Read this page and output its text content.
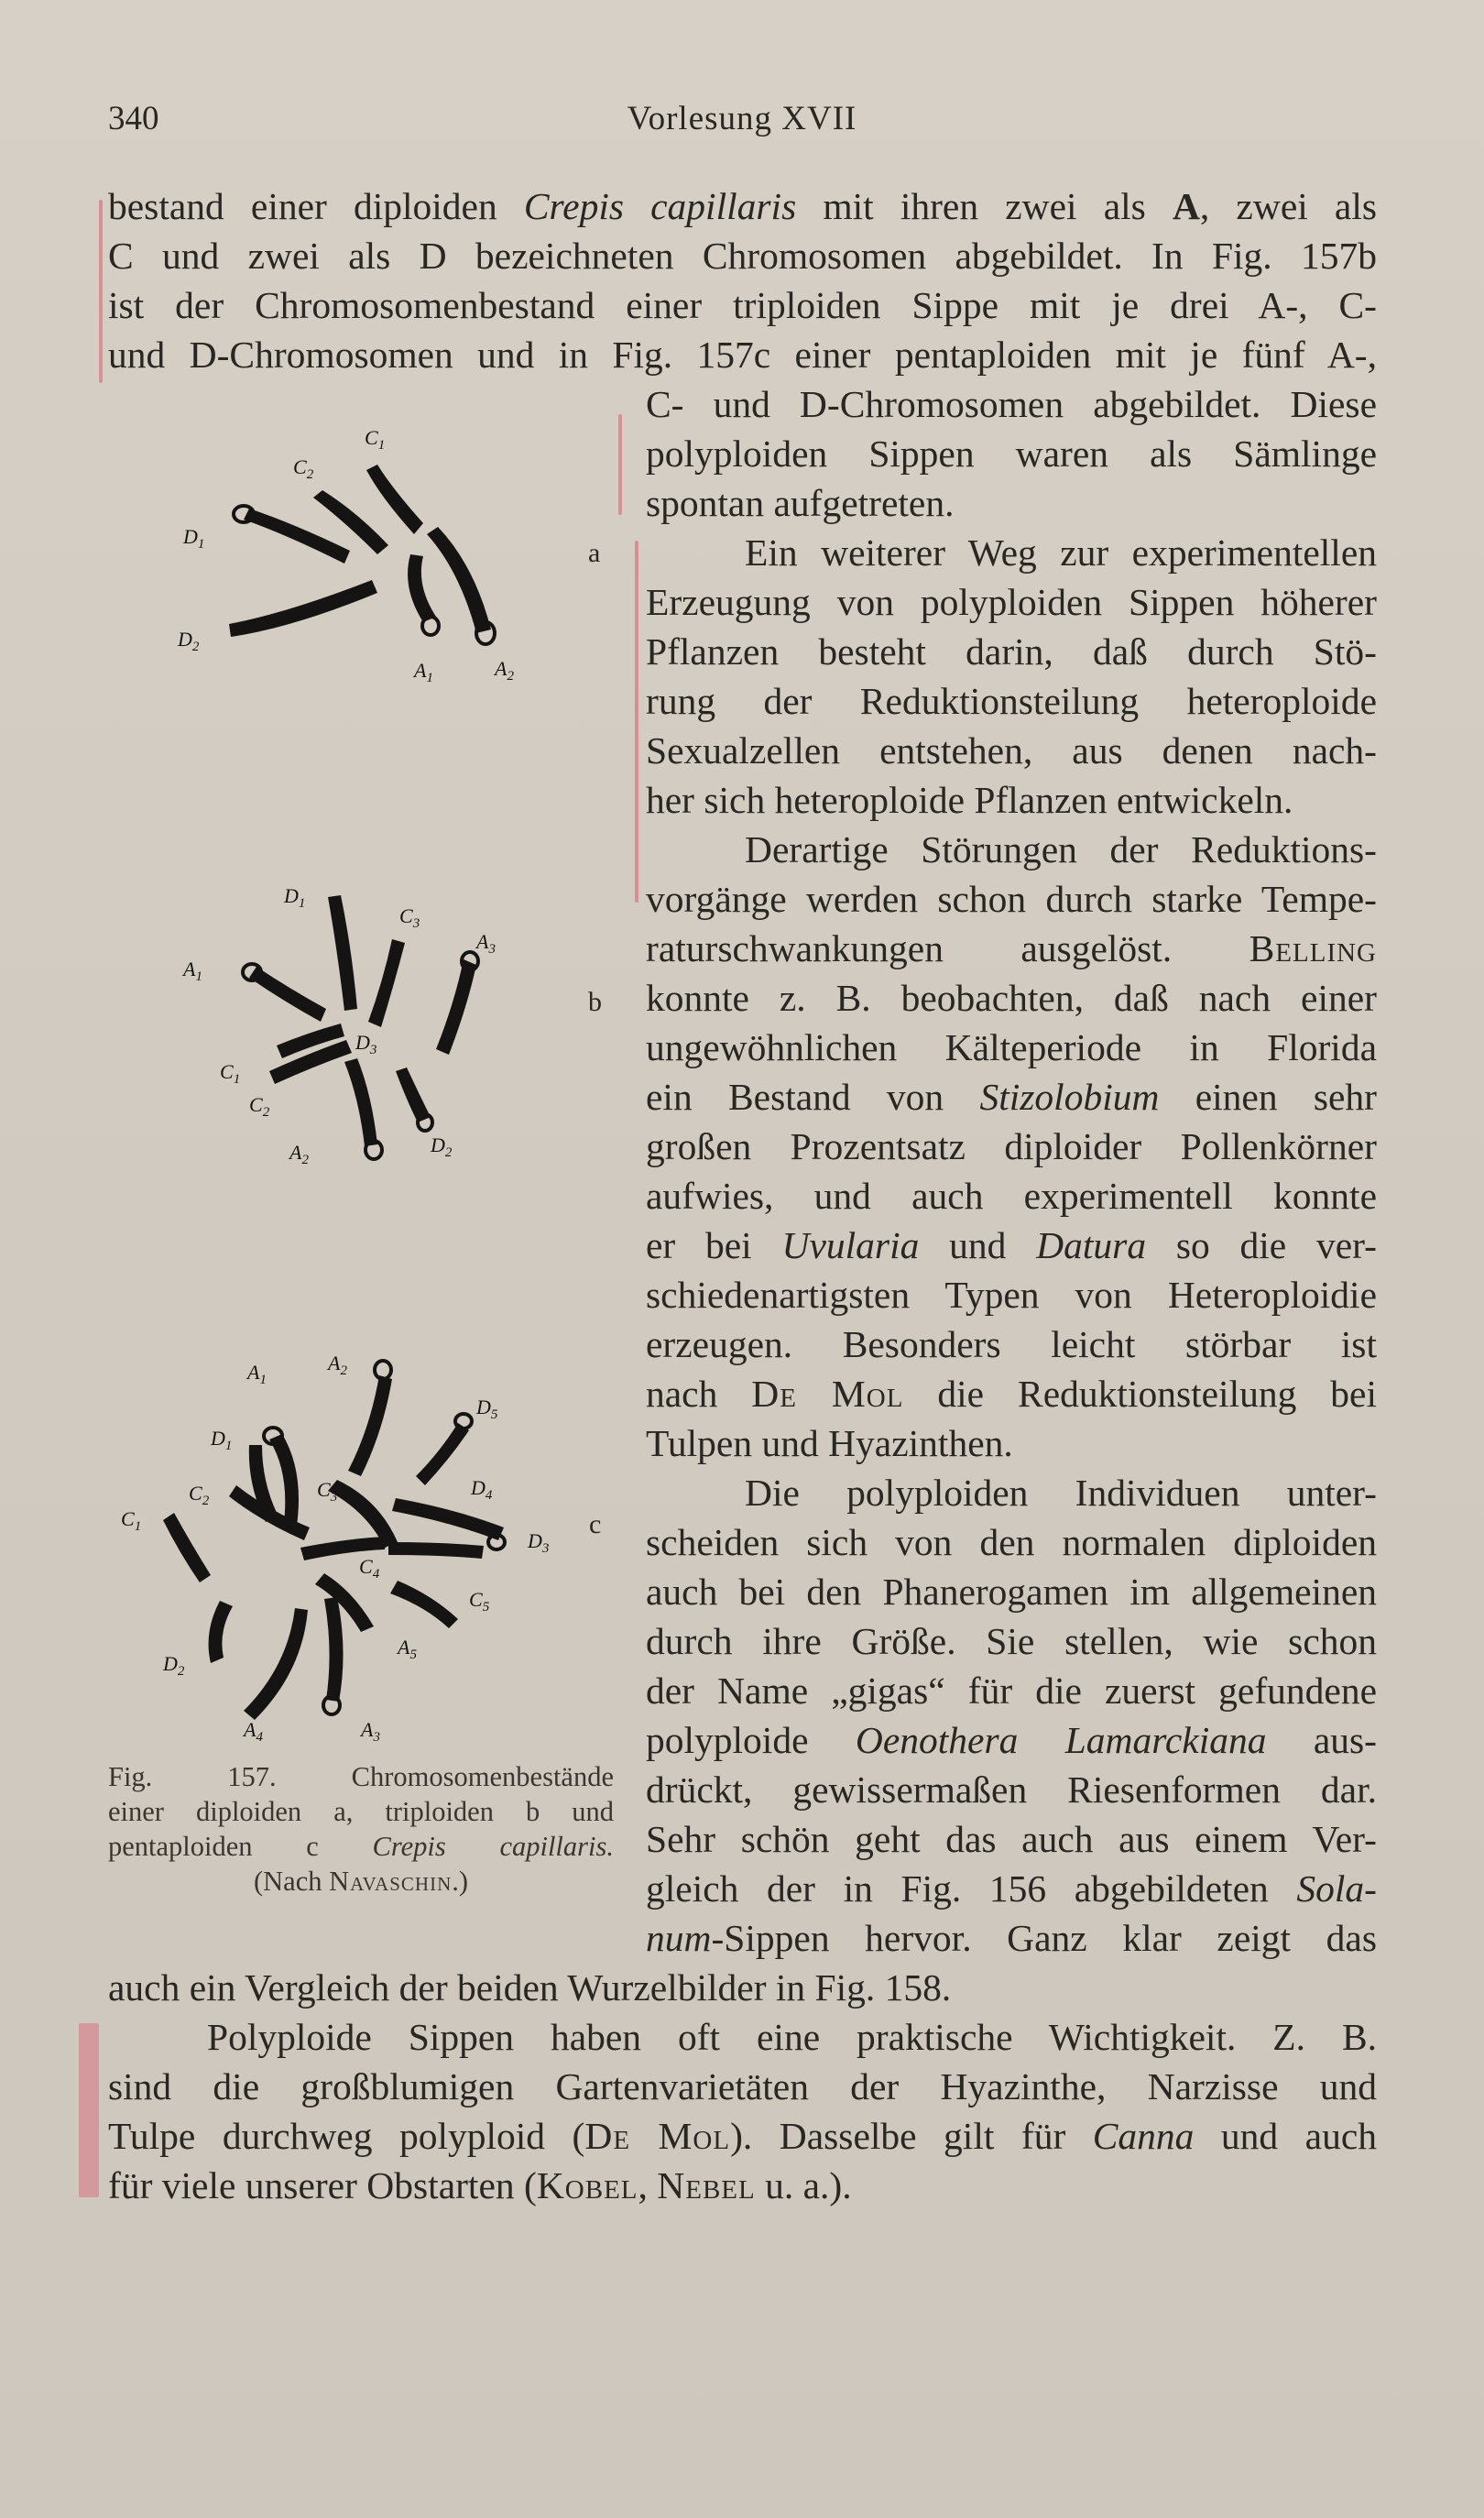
340	Vorlesung XVII
bestand einer diploiden Crepis capillaris mit ihren zwei als A, zwei als
C und zwei als D bezeichneten Chromosomen abgebildet. In Fig. 157b
ist der Chromosomenbestand einer triploiden Sippe mit je drei A-, C-
und D-Chromosomen und in Fig. 157c einer pentaploiden mit je fünf A-,
C- und D-Chromosomen abgebildet. Diese
polyploiden Sippen waren als Sämlinge
spontan aufgetreten.
Ein weiterer Weg zur experimentellen
Erzeugung von polyploiden Sippen höherer
Pflanzen besteht darin, daß durch Stö-
rung der Reduktionsteilung heteroploide
Sexualzellen entstehen, aus denen nach-
her sich heteroploide Pflanzen entwickeln.
Derartige Störungen der Reduktions-
vorgänge werden schon durch starke Tempe-
raturschwankungen ausgelöst. Belling
konnte z. B. beobachten, daß nach einer
ungewöhnlichen Kälteperiode in Florida
ein Bestand von Stizolobium einen sehr
großen Prozentsatz diploider Pollenkörner
aufwies, und auch experimentell konnte
er bei Uvularia und Datura so die ver-
schiedenartigsten Typen von Heteroploidie
erzeugen. Besonders leicht störbar ist
nach De Mol die Reduktionsteilung bei
Tulpen und Hyazinthen.
Die polyploiden Individuen unter-
scheiden sich von den normalen diploiden
auch bei den Phanerogamen im allgemeinen
durch ihre Größe. Sie stellen, wie schon
der Name „gigas“ für die zuerst gefundene
polyploide Oenothera Lamarckiana aus-
drückt, gewissermaßen Riesenformen dar.
Sehr schön geht das auch aus einem Ver-
gleich der in Fig. 156 abgebildeten Sola-
num-Sippen hervor. Ganz klar zeigt das
auch ein Vergleich der beiden Wurzelbilder in Fig. 158.
Polyploide Sippen haben oft eine praktische Wichtigkeit. Z. B.
sind die großblumigen Gartenvarietäten der Hyazinthe, Narzisse und
Tulpe durchweg polyploid (De Mol). Dasselbe gilt für Canna und auch
für viele unserer Obstarten (Kobel, Nebel u. a.).
$C_1$
$C_2$
$D_1$
$D_2$
$A_1$	$A_2$
a
$D_1$
$C_3$
$A_3$
$A_1$
$D_3$
$C_1$
$C_2$
$A_2$
$D_2$
b
$A_1$
$A_2$
$D_5$
$D_1$
$C_2$	$C_3$	$D_4$
$C_1$
$D_3$
$C_4$
$C_5$
$D_2$
$A_5$
$A_4$	$A_3$
c
Fig. 157. Chromosomenbestände
einer diploiden a, triploiden b und
pentaploiden c Crepis capillaris.
(Nach Navaschin.)
